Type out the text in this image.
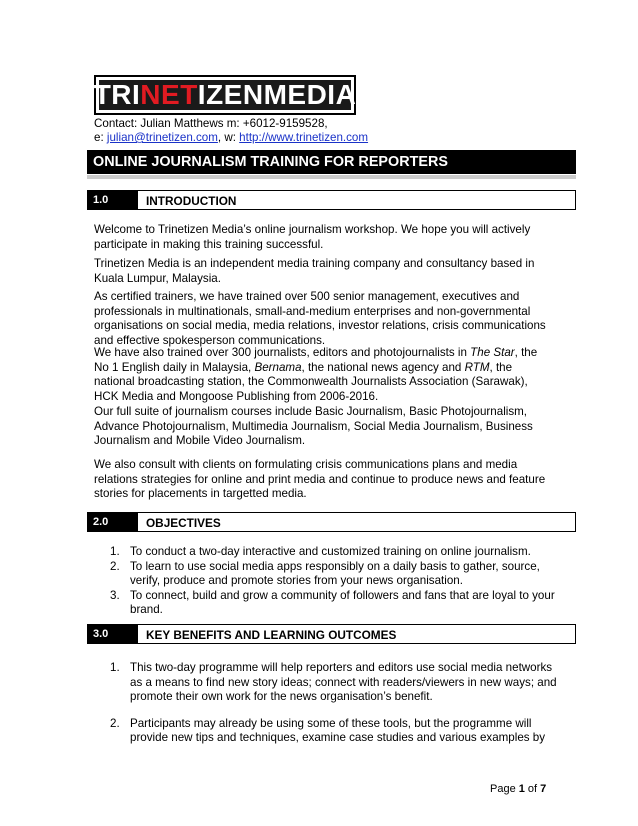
TRI NET IZEN MEDIA
Contact: Julian Matthews m: +6012-9159528,
e: julian@trinetizen.com, w: http://www.trinetizen.com
ONLINE JOURNALISM TRAINING FOR REPORTERS
1.0	INTRODUCTION

Welcome to Trinetizen Media’s online journalism workshop. We hope you will actively participate in making this training successful.

Trinetizen Media is an independent media training company and consultancy based in Kuala Lumpur, Malaysia.

As certified trainers, we have trained over 500 senior management, executives and professionals in multinationals, small-and-medium enterprises and non-governmental organisations on social media, media relations, investor relations, crisis communications and effective spokesperson communications.

We have also trained over 300 journalists, editors and photojournalists in The Star, the No 1 English daily in Malaysia, Bernama, the national news agency and RTM, the national broadcasting station, the Commonwealth Journalists Association (Sarawak), HCK Media and Mongoose Publishing from 2006-2016.

Our full suite of journalism courses include Basic Journalism, Basic Photojournalism, Advance Photojournalism, Multimedia Journalism, Social Media Journalism, Business Journalism and Mobile Video Journalism.

We also consult with clients on formulating crisis communications plans and media relations strategies for online and print media and continue to produce news and feature stories for placements in targetted media.

2.0	OBJECTIVES
1. To conduct a two-day interactive and customized training on online journalism.
2. To learn to use social media apps responsibly on a daily basis to gather, source, verify, produce and promote stories from your news organisation.
3. To connect, build and grow a community of followers and fans that are loyal to your brand.
3.0	KEY BENEFITS AND LEARNING OUTCOMES
1. This two-day programme will help reporters and editors use social media networks as a means to find new story ideas; connect with readers/viewers in new ways; and promote their own work for the news organisation’s benefit.
2. Participants may already be using some of these tools, but the programme will provide new tips and techniques, examine case studies and various examples by
Page 1 of 7
